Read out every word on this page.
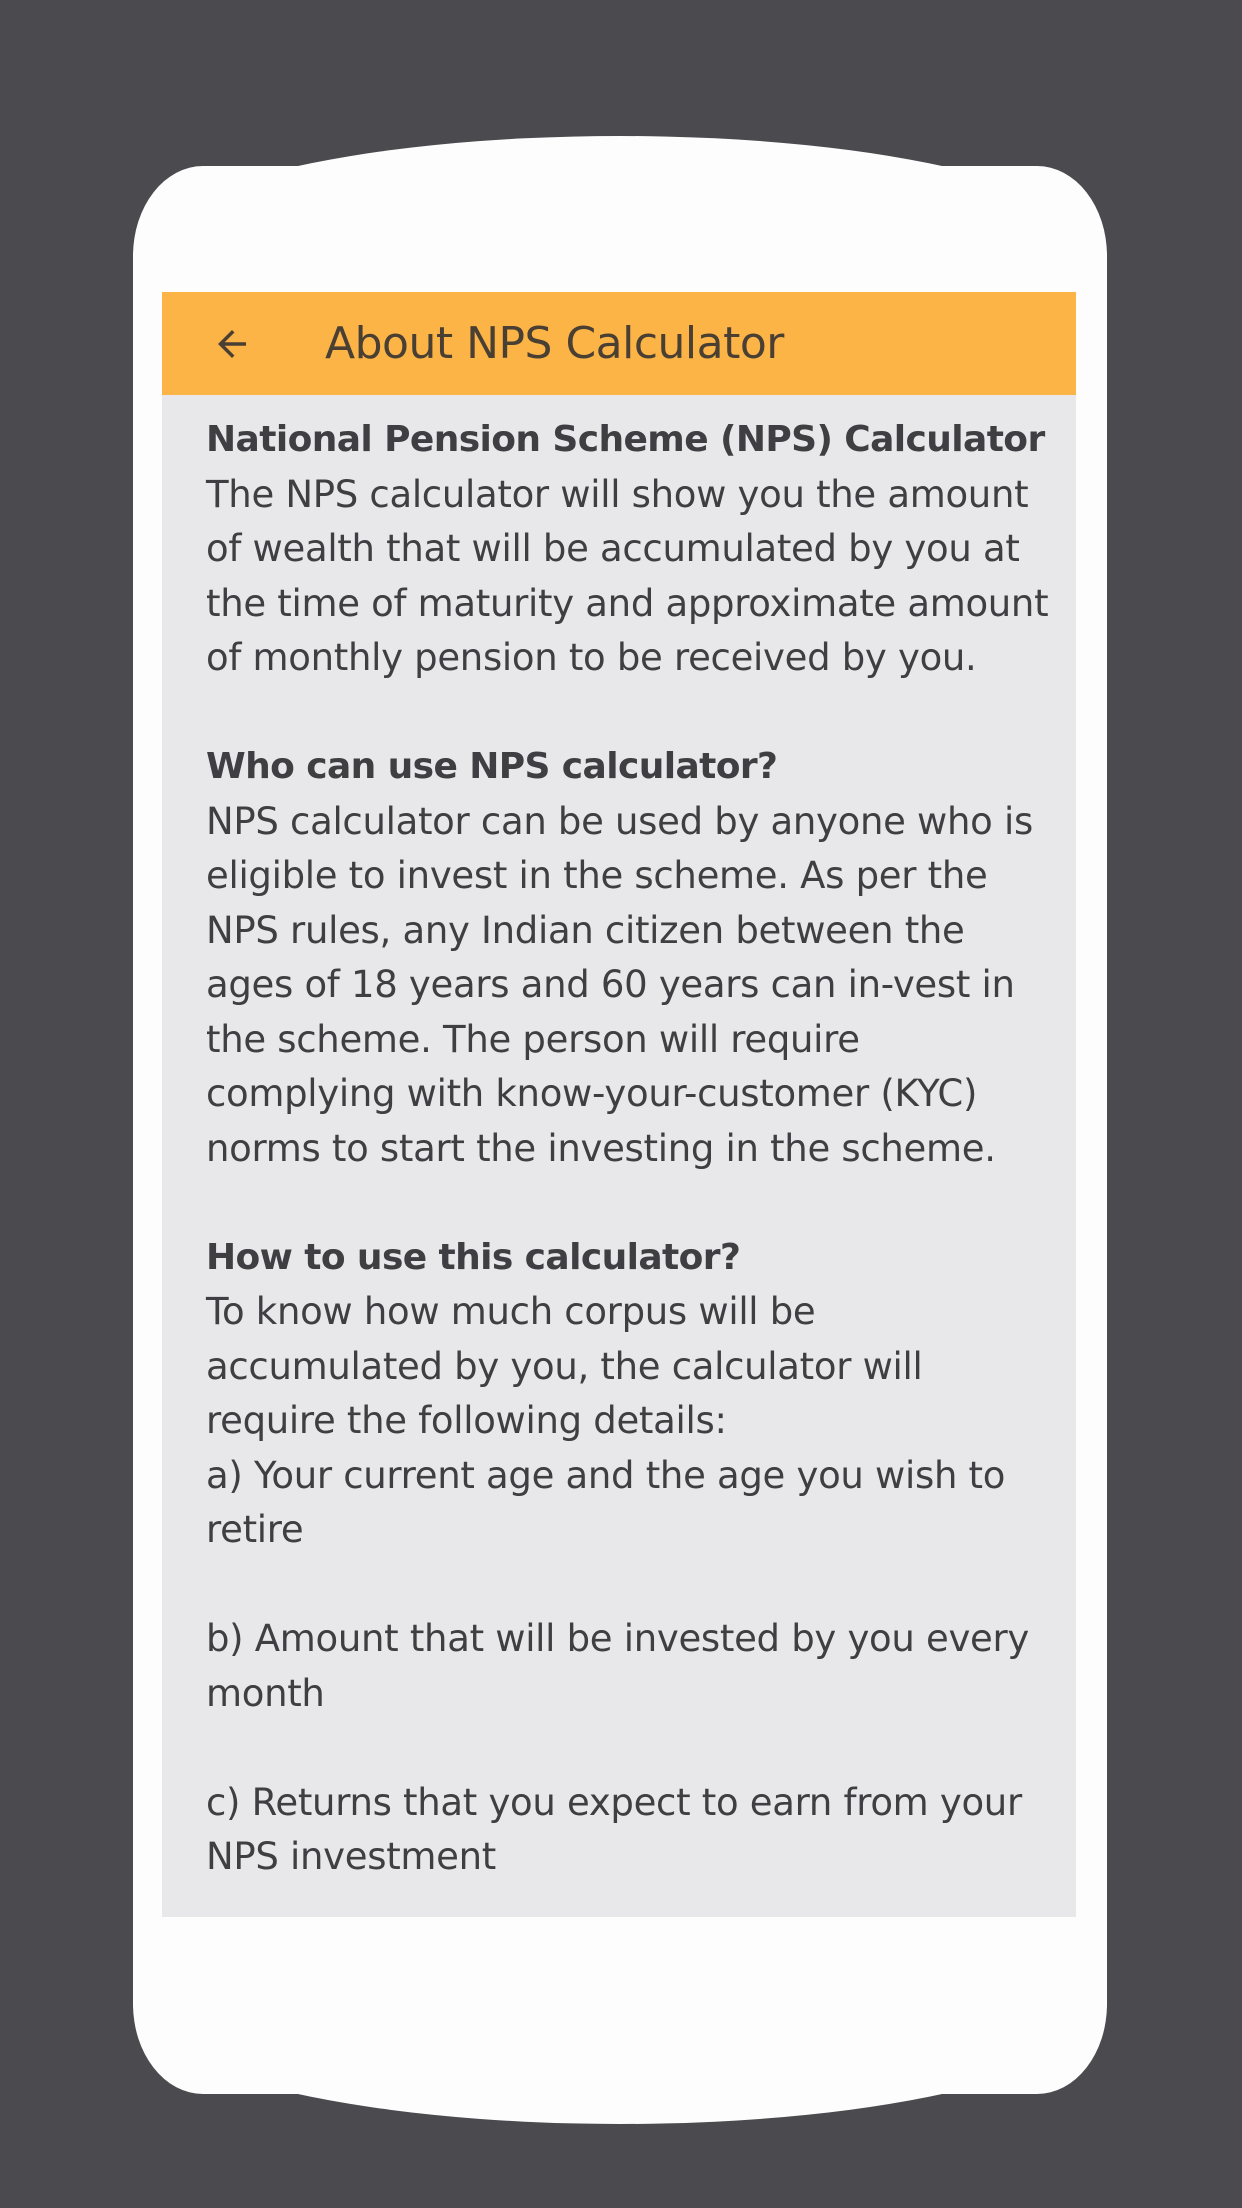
About NPS Calculator

National Pension Scheme (NPS) Calculator

The NPS calculator will show you the amount of wealth that will be accumulated by you at the time of maturity and approximate amount of monthly pension to be received by you.

Who can use NPS calculator?

NPS calculator can be used by anyone who is eligible to invest in the scheme. As per the NPS rules, any Indian citizen between the ages of 18 years and 60 years can in-vest in the scheme. The person will require complying with know-your-customer (KYC) norms to start the investing in the scheme.

How to use this calculator?

To know how much corpus will be accumulated by you, the calculator will require the following details:

a) Your current age and the age you wish to retire

b) Amount that will be invested by you every month

c) Returns that you expect to earn from your NPS investment
